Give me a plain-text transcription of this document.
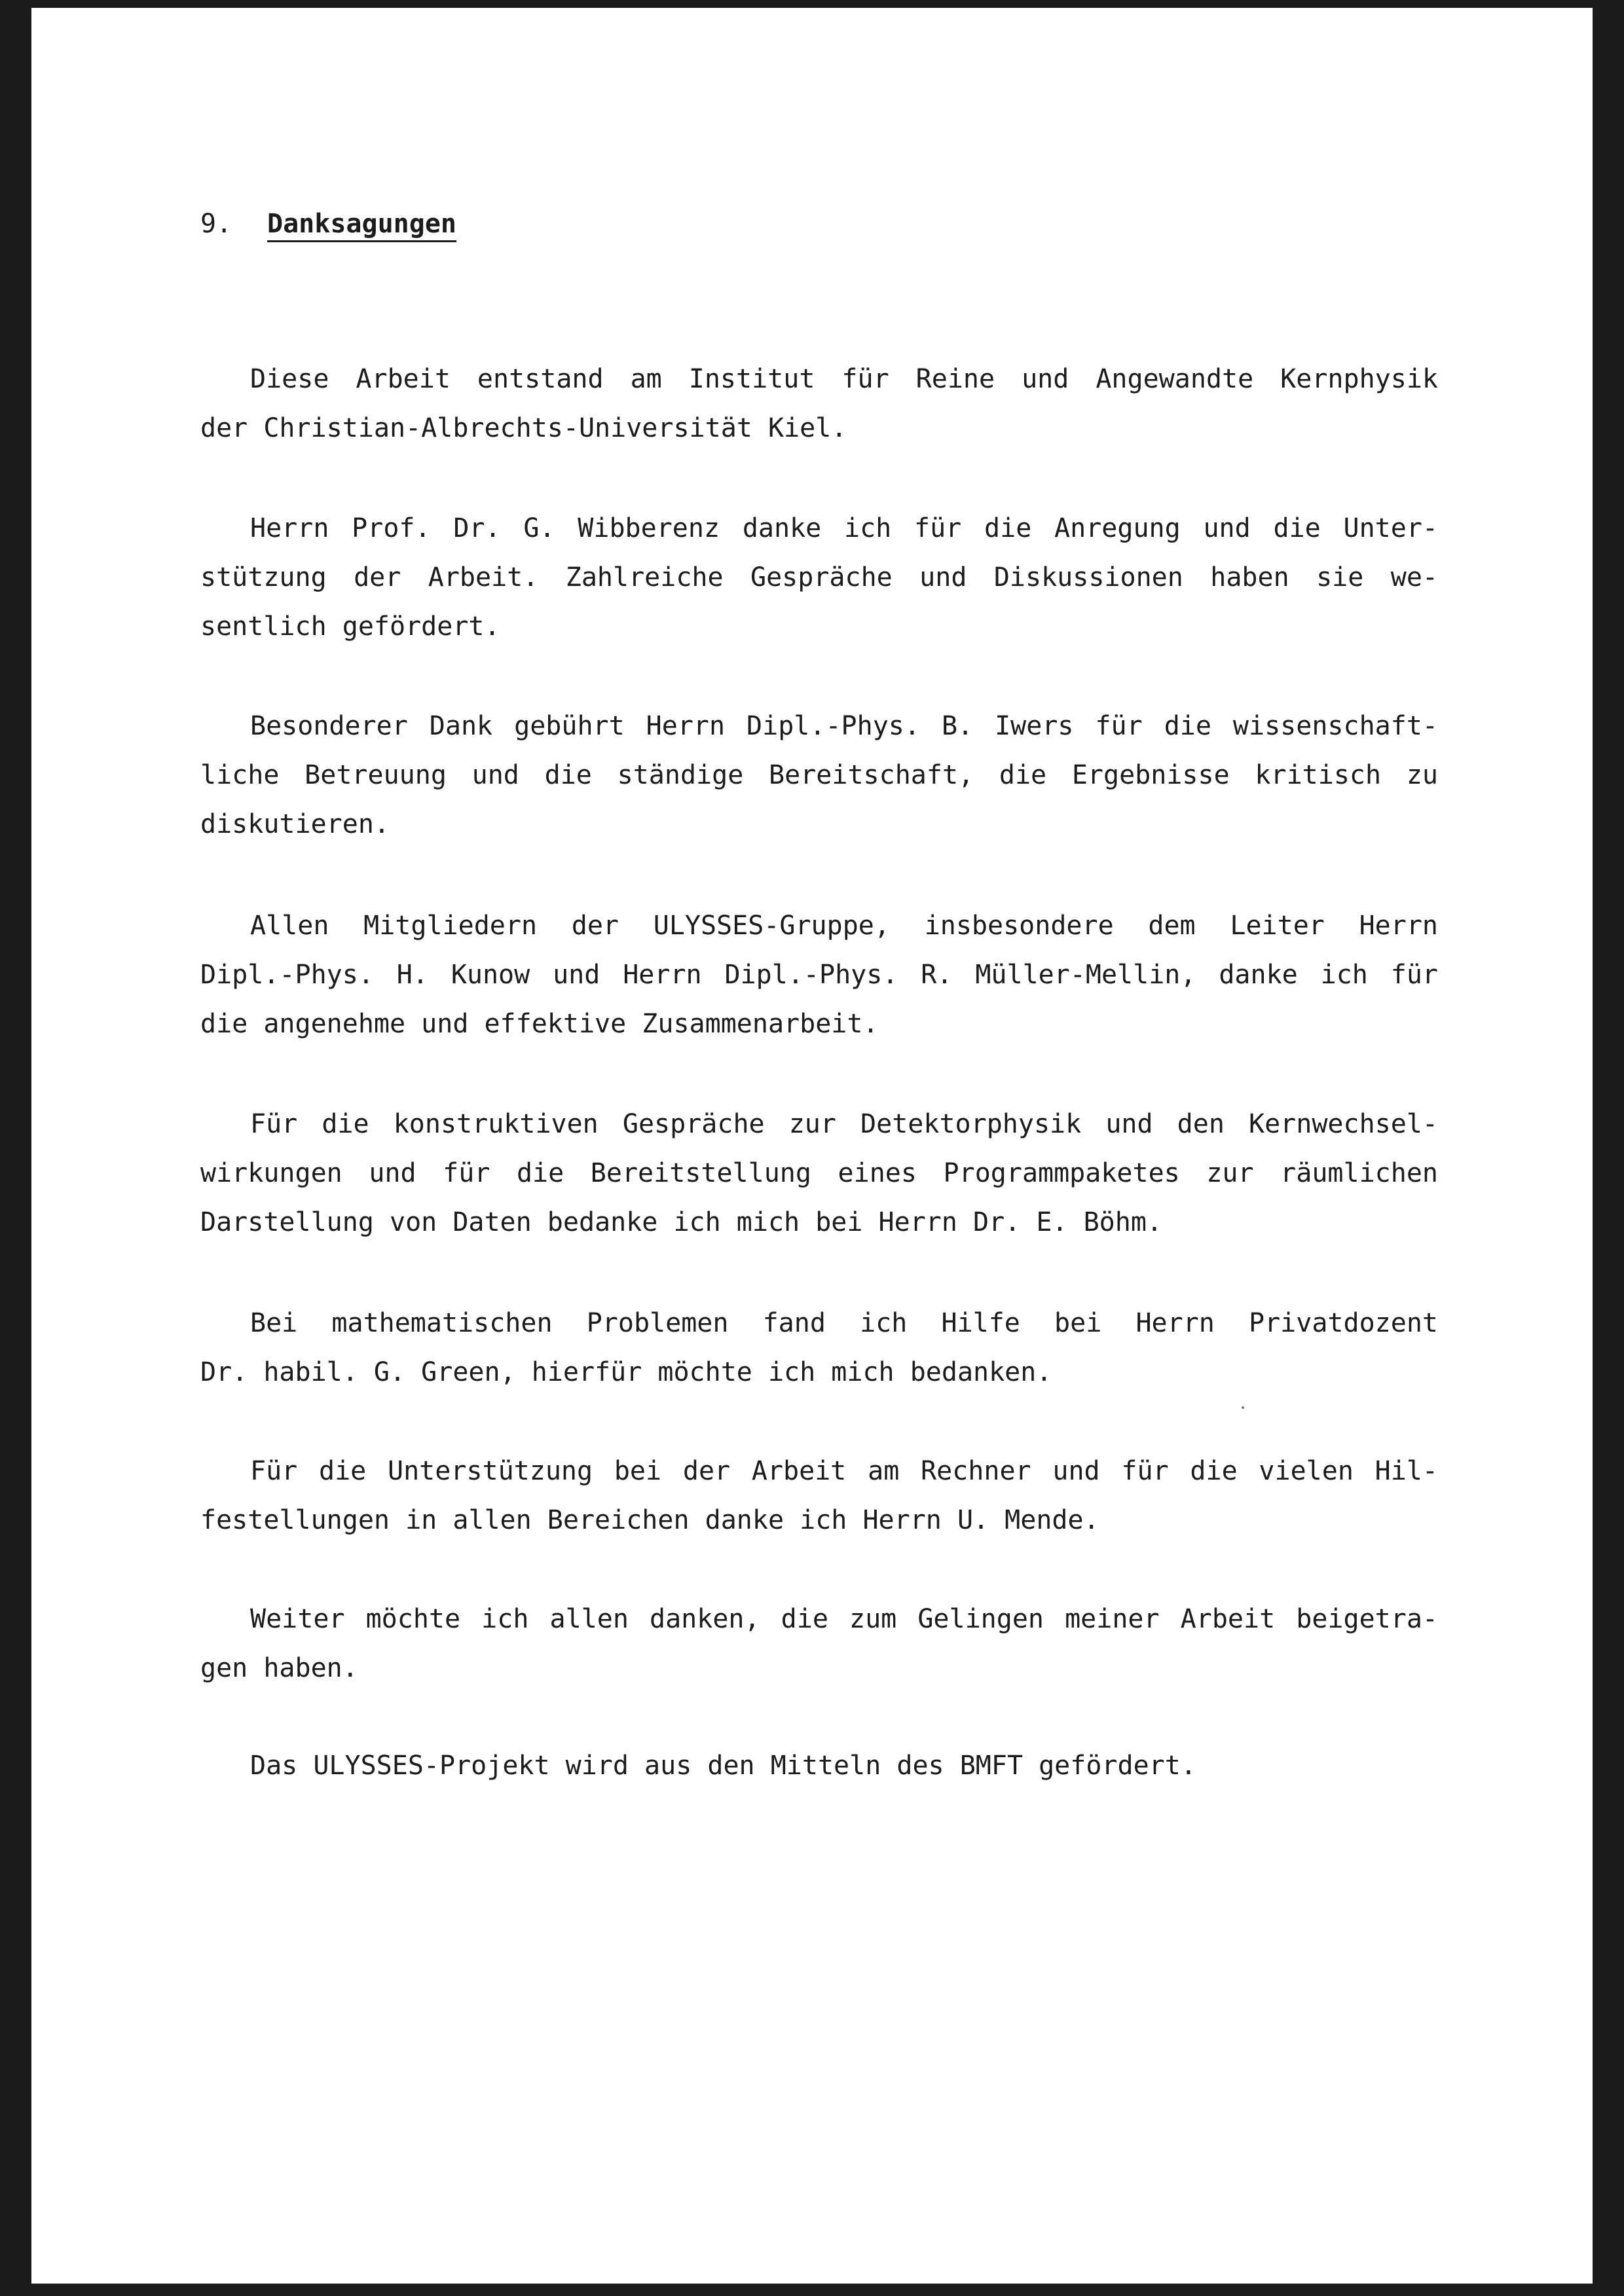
9. Danksagungen
Diese Arbeit entstand am Institut für Reine und Angewandte Kernphysik
der Christian-Albrechts-Universität Kiel.
Herrn Prof. Dr. G. Wibberenz danke ich für die Anregung und die Unter-
stützung der Arbeit. Zahlreiche Gespräche und Diskussionen haben sie we-
sentlich gefördert.
Besonderer Dank gebührt Herrn Dipl.-Phys. B. Iwers für die wissenschaft-
liche Betreuung und die ständige Bereitschaft, die Ergebnisse kritisch zu
diskutieren.
Allen Mitgliedern der ULYSSES-Gruppe, insbesondere dem Leiter Herrn
Dipl.-Phys. H. Kunow und Herrn Dipl.-Phys. R. Müller-Mellin, danke ich für
die angenehme und effektive Zusammenarbeit.
Für die konstruktiven Gespräche zur Detektorphysik und den Kernwechsel-
wirkungen und für die Bereitstellung eines Programmpaketes zur räumlichen
Darstellung von Daten bedanke ich mich bei Herrn Dr. E. Böhm.
Bei mathematischen Problemen fand ich Hilfe bei Herrn Privatdozent
Dr. habil. G. Green, hierfür möchte ich mich bedanken.
Für die Unterstützung bei der Arbeit am Rechner und für die vielen Hil-
festellungen in allen Bereichen danke ich Herrn U. Mende.
Weiter möchte ich allen danken, die zum Gelingen meiner Arbeit beigetra-
gen haben.
Das ULYSSES-Projekt wird aus den Mitteln des BMFT gefördert.
